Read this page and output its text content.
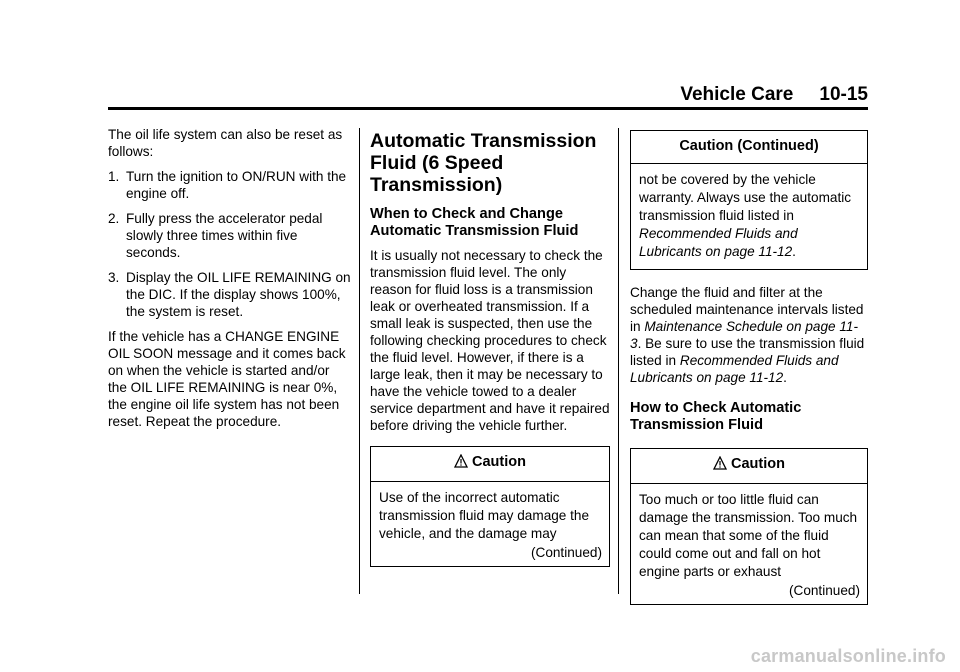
Vehicle Care 10-15

The oil life system can also be reset as follows:

1. Turn the ignition to ON/RUN with the engine off.
2. Fully press the accelerator pedal slowly three times within five seconds.
3. Display the OIL LIFE REMAINING on the DIC. If the display shows 100%, the system is reset.

If the vehicle has a CHANGE ENGINE OIL SOON message and it comes back on when the vehicle is started and/or the OIL LIFE REMAINING is near 0%, the engine oil life system has not been reset. Repeat the procedure.

Automatic Transmission Fluid (6 Speed Transmission)
When to Check and Change Automatic Transmission Fluid

It is usually not necessary to check the transmission fluid level. The only reason for fluid loss is a transmission leak or overheated transmission. If a small leak is suspected, then use the following checking procedures to check the fluid level. However, if there is a large leak, then it may be necessary to have the vehicle towed to a dealer service department and have it repaired before driving the vehicle further.

Caution

Use of the incorrect automatic transmission fluid may damage the vehicle, and the damage may

(Continued)
Caution (Continued)

not be covered by the vehicle warranty. Always use the automatic transmission fluid listed in Recommended Fluids and Lubricants on page 11-12.

Change the fluid and filter at the scheduled maintenance intervals listed in Maintenance Schedule on page 11-3. Be sure to use the transmission fluid listed in Recommended Fluids and Lubricants on page 11-12.

How to Check Automatic Transmission Fluid
Caution

Too much or too little fluid can damage the transmission. Too much can mean that some of the fluid could come out and fall on hot engine parts or exhaust

(Continued)
carmanualsonline.info
